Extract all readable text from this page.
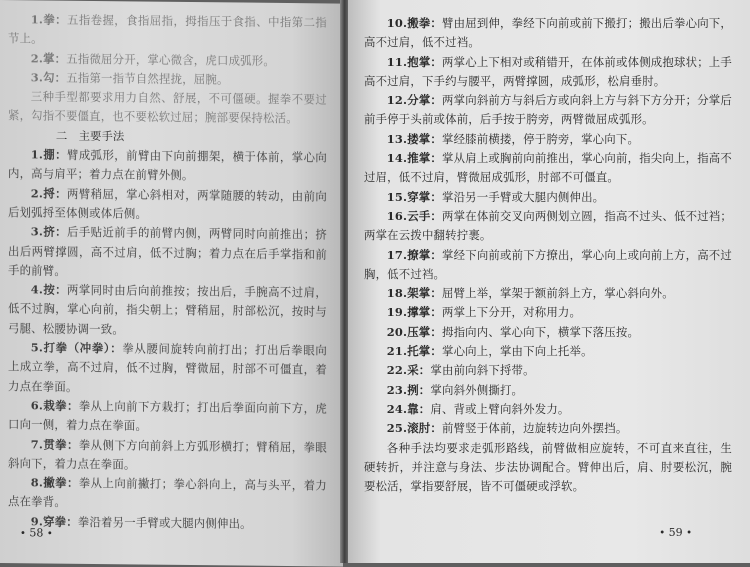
1.拳：五指卷握，食指屈指，拇指压于食指、中指第二指节上。

2.掌：五指微屈分开，掌心微含，虎口成弧形。

3.勾：五指第一指节自然捏拢，屈腕。

三种手型都要求用力自然、舒展，不可僵硬。握拳不要过紧，勾指不要僵直，也不要松软过屈；腕部要保持松活。

二　主要手法

1.掤：臂成弧形，前臂由下向前掤架，横于体前，掌心向内，高与肩平；着力点在前臂外侧。

2.捋：两臂稍屈，掌心斜相对，两掌随腰的转动，由前向后划弧捋至体侧或体后侧。

3.挤：后手贴近前手的前臂内侧，两臂同时向前推出；挤出后两臂撑圆，高不过肩，低不过胸；着力点在后手掌指和前手的前臂。

4.按：两掌同时由后向前推按；按出后，手腕高不过肩，低不过胸，掌心向前，指尖朝上；臂稍屈，肘部松沉，按时与弓腿、松腰协调一致。

5.打拳（冲拳）：拳从腰间旋转向前打出；打出后拳眼向上成立拳，高不过肩，低不过胸，臂微屈，肘部不可僵直，着力点在拳面。

6.栽拳：拳从上向前下方栽打；打出后拳面向前下方，虎口向一侧，着力点在拳面。

7.贯拳：拳从侧下方向前斜上方弧形横打；臂稍屈，拳眼斜向下，着力点在拳面。

8.撇拳：拳从上向前撇打；拳心斜向上，高与头平，着力点在拳背。

9.穿拳：拳沿着另一手臂或大腿内侧伸出。

• 58 •

10.搬拳：臂由屈到伸，拳经下向前或前下搬打；搬出后拳心向下，高不过肩，低不过裆。

11.抱掌：两掌心上下相对或稍错开，在体前或体侧成抱球状；上手高不过肩，下手约与腰平，两臂撑圆，成弧形，松肩垂肘。

12.分掌：两掌向斜前方与斜后方或向斜上方与斜下方分开；分掌后前手停于头前或体前，后手按于胯旁，两臂微屈成弧形。

13.搂掌：掌经膝前横搂，停于胯旁，掌心向下。

14.推掌：掌从肩上或胸前向前推出，掌心向前，指尖向上，指高不过眉，低不过肩，臂微屈成弧形，肘部不可僵直。

15.穿掌：掌沿另一手臂或大腿内侧伸出。

16.云手：两掌在体前交叉向两侧划立圆，指高不过头、低不过裆；两掌在云拨中翻转拧裹。

17.撩掌：掌经下向前或前下方撩出，掌心向上或向前上方，高不过胸，低不过裆。

18.架掌：屈臂上举，掌架于额前斜上方，掌心斜向外。

19.撑掌：两掌上下分开，对称用力。

20.压掌：拇指向内、掌心向下，横掌下落压按。

21.托掌：掌心向上，掌由下向上托举。

22.采：掌由前向斜下捋带。

23.挒：掌向斜外侧撕打。

24.靠：肩、背或上臂向斜外发力。

25.滚肘：前臂竖于体前，边旋转边向外摆挡。

各种手法均要求走弧形路线，前臂做相应旋转，不可直来直往，生硬转折，并注意与身法、步法协调配合。臂伸出后，肩、肘要松沉，腕要松活，掌指要舒展，皆不可僵硬或浮软。

• 59 •
